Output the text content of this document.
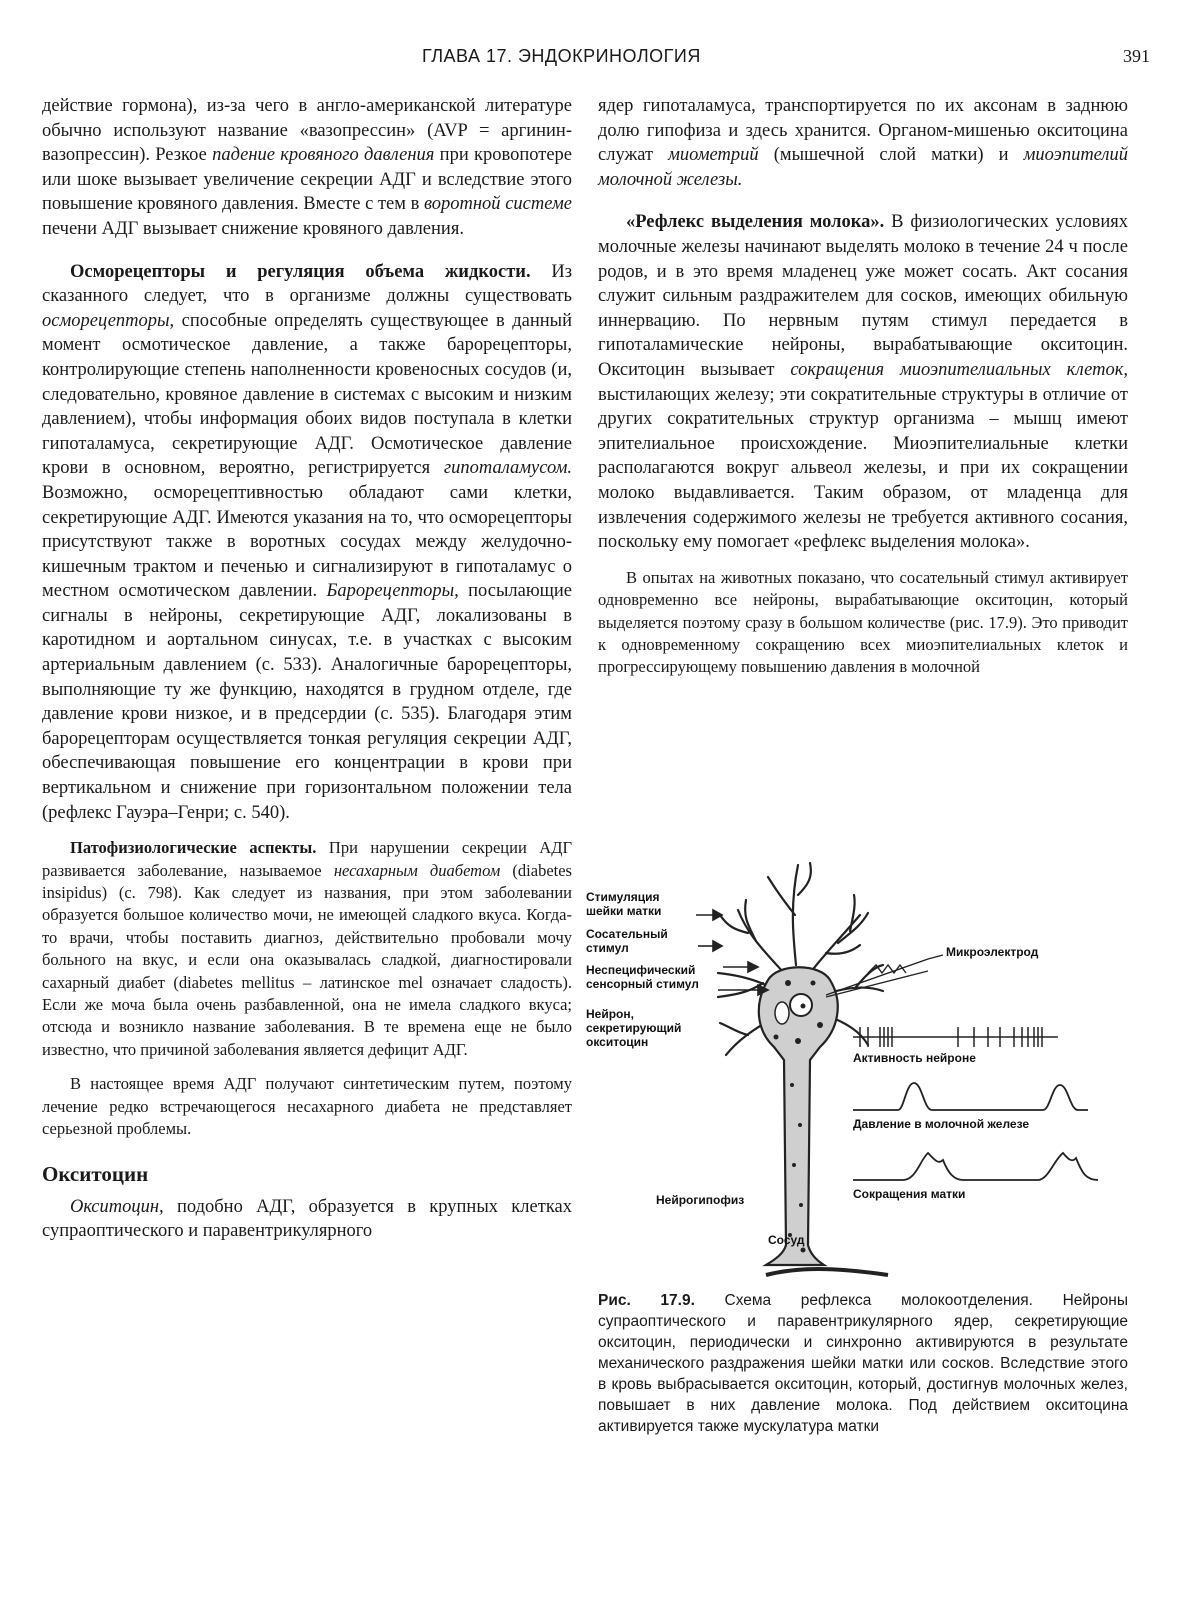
ГЛАВА 17. ЭНДОКРИНОЛОГИЯ	391

действие гормона), из-за чего в англо-американской литературе обычно используют название «вазопрессин» (AVP = аргинин-вазопрессин). Резкое падение кровяного давления при кровопотере или шоке вызывает увеличение секреции АДГ и вследствие этого повышение кровяного давления. Вместе с тем в воротной системе печени АДГ вызывает снижение кровяного давления.

Осморецепторы и регуляция объема жидкости. Из сказанного следует, что в организме должны существовать осморецепторы, способные определять существующее в данный момент осмотическое давление, а также барорецепторы, контролирующие степень наполненности кровеносных сосудов (и, следовательно, кровяное давление в системах с высоким и низким давлением), чтобы информация обоих видов поступала в клетки гипоталамуса, секретирующие АДГ. Осмотическое давление крови в основном, вероятно, регистрируется гипоталамусом. Возможно, осморецептивностью обладают сами клетки, секретирующие АДГ. Имеются указания на то, что осморецепторы присутствуют также в воротных сосудах между желудочно-кишечным трактом и печенью и сигнализируют в гипоталамус о местном осмотическом давлении. Барорецепторы, посылающие сигналы в нейроны, секретирующие АДГ, локализованы в каротидном и аортальном синусах, т.е. в участках с высоким артериальным давлением (с. 533). Аналогичные барорецепторы, выполняющие ту же функцию, находятся в грудном отделе, где давление крови низкое, и в предсердии (с. 535). Благодаря этим барорецепторам осуществляется тонкая регуляция секреции АДГ, обеспечивающая повышение его концентрации в крови при вертикальном и снижение при горизонтальном положении тела (рефлекс Гауэра–Генри; с. 540).

Патофизиологические аспекты. При нарушении секреции АДГ развивается заболевание, называемое несахарным диабетом (diabetes insipidus) (с. 798). Как следует из названия, при этом заболевании образуется большое количество мочи, не имеющей сладкого вкуса. Когда-то врачи, чтобы поставить диагноз, действительно пробовали мочу больного на вкус, и если она оказывалась сладкой, диагностировали сахарный диабет (diabetes mellitus – латинское mel означает сладость). Если же моча была очень разбавленной, она не имела сладкого вкуса; отсюда и возникло название заболевания. В те времена еще не было известно, что причиной заболевания является дефицит АДГ.

В настоящее время АДГ получают синтетическим путем, поэтому лечение редко встречающегося несахарного диабета не представляет серьезной проблемы.

Окситоцин

Окситоцин, подобно АДГ, образуется в крупных клетках супраоптического и паравентрикулярного

ядер гипоталамуса, транспортируется по их аксонам в заднюю долю гипофиза и здесь хранится. Органом-мишенью окситоцина служат миометрий (мышечной слой матки) и миоэпителий молочной железы.

«Рефлекс выделения молока». В физиологических условиях молочные железы начинают выделять молоко в течение 24 ч после родов, и в это время младенец уже может сосать. Акт сосания служит сильным раздражителем для сосков, имеющих обильную иннервацию. По нервным путям стимул передается в гипоталамические нейроны, вырабатывающие окситоцин. Окситоцин вызывает сокращения миоэпителиальных клеток, выстилающих железу; эти сократительные структуры в отличие от других сократительных структур организма – мышц имеют эпителиальное происхождение. Миоэпителиальные клетки располагаются вокруг альвеол железы, и при их сокращении молоко выдавливается. Таким образом, от младенца для извлечения содержимого железы не требуется активного сосания, поскольку ему помогает «рефлекс выделения молока».

В опытах на животных показано, что сосательный стимул активирует одновременно все нейроны, вырабатывающие окситоцин, который выделяется поэтому сразу в большом количестве (рис. 17.9). Это приводит к одновременному сокращению всех миоэпителиальных клеток и прогрессирующему повышению давления в молочной

Стимуляция шейки матки
Сосательный стимул
Неспецифический сенсорный стимул
Нейрон, секретирующий окситоцин
Микроэлектрод
Активность нейроне
Давление в молочной железе
Сокращения матки
Нейрогипофиз
Сосуд
Рис. 17.9. Схема рефлекса молокоотделения. Нейроны супраоптического и паравентрикулярного ядер, секретирующие окситоцин, периодически и синхронно активируются в результате механического раздражения шейки матки или сосков. Вследствие этого в кровь выбрасывается окситоцин, который, достигнув молочных желез, повышает в них давление молока. Под действием окситоцина активируется также мускулатура матки
